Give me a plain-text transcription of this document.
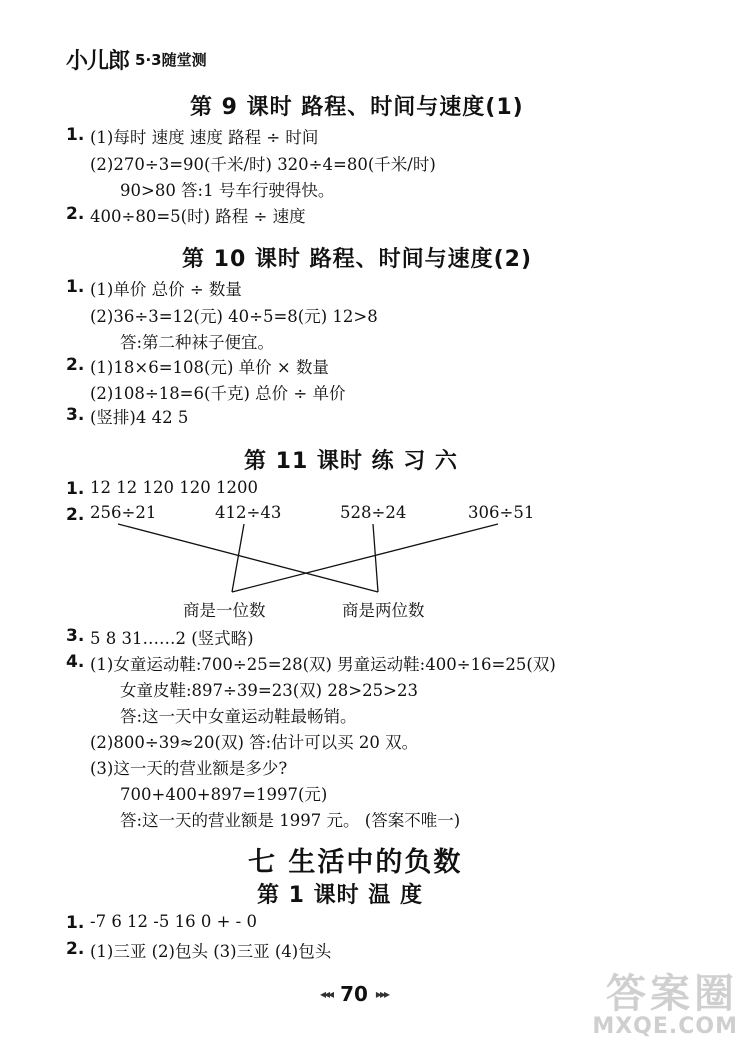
小儿郎 5·3随堂测
第 9 课时 路程、时间与速度(1)
1. (1)每时 速度 速度 路程 ÷ 时间
(2)270÷3=90(千米/时) 320÷4=80(千米/时)
90>80 答:1 号车行驶得快。
2. 400÷80=5(时) 路程 ÷ 速度
第 10 课时 路程、时间与速度(2)
1. (1)单价 总价 ÷ 数量
(2)36÷3=12(元) 40÷5=8(元) 12>8
答:第二种袜子便宜。
2. (1)18×6=108(元) 单价 × 数量
(2)108÷18=6(千克) 总价 ÷ 单价
3. (竖排)4 42 5
第 11 课时 练 习 六
1. 12 12 120 120 1200
2. 256÷21	412÷43	528÷24	306÷51
商是一位数	商是两位数
3. 5 8 31……2 (竖式略)
4. (1)女童运动鞋:700÷25=28(双) 男童运动鞋:400÷16=25(双)
女童皮鞋:897÷39=23(双) 28>25>23
答:这一天中女童运动鞋最畅销。
(2)800÷39≈20(双) 答:估计可以买 20 双。
(3)这一天的营业额是多少?
700+400+897=1997(元)
答:这一天的营业额是 1997 元。 (答案不唯一)
七 生活中的负数
第 1 课时 温 度
1. -7 6 12 -5 16 0 + - 0
2. (1)三亚 (2)包头 (3)三亚 (4)包头
◂◂◂ 70 ▸▸▸	答案圈
MXQE.COM
